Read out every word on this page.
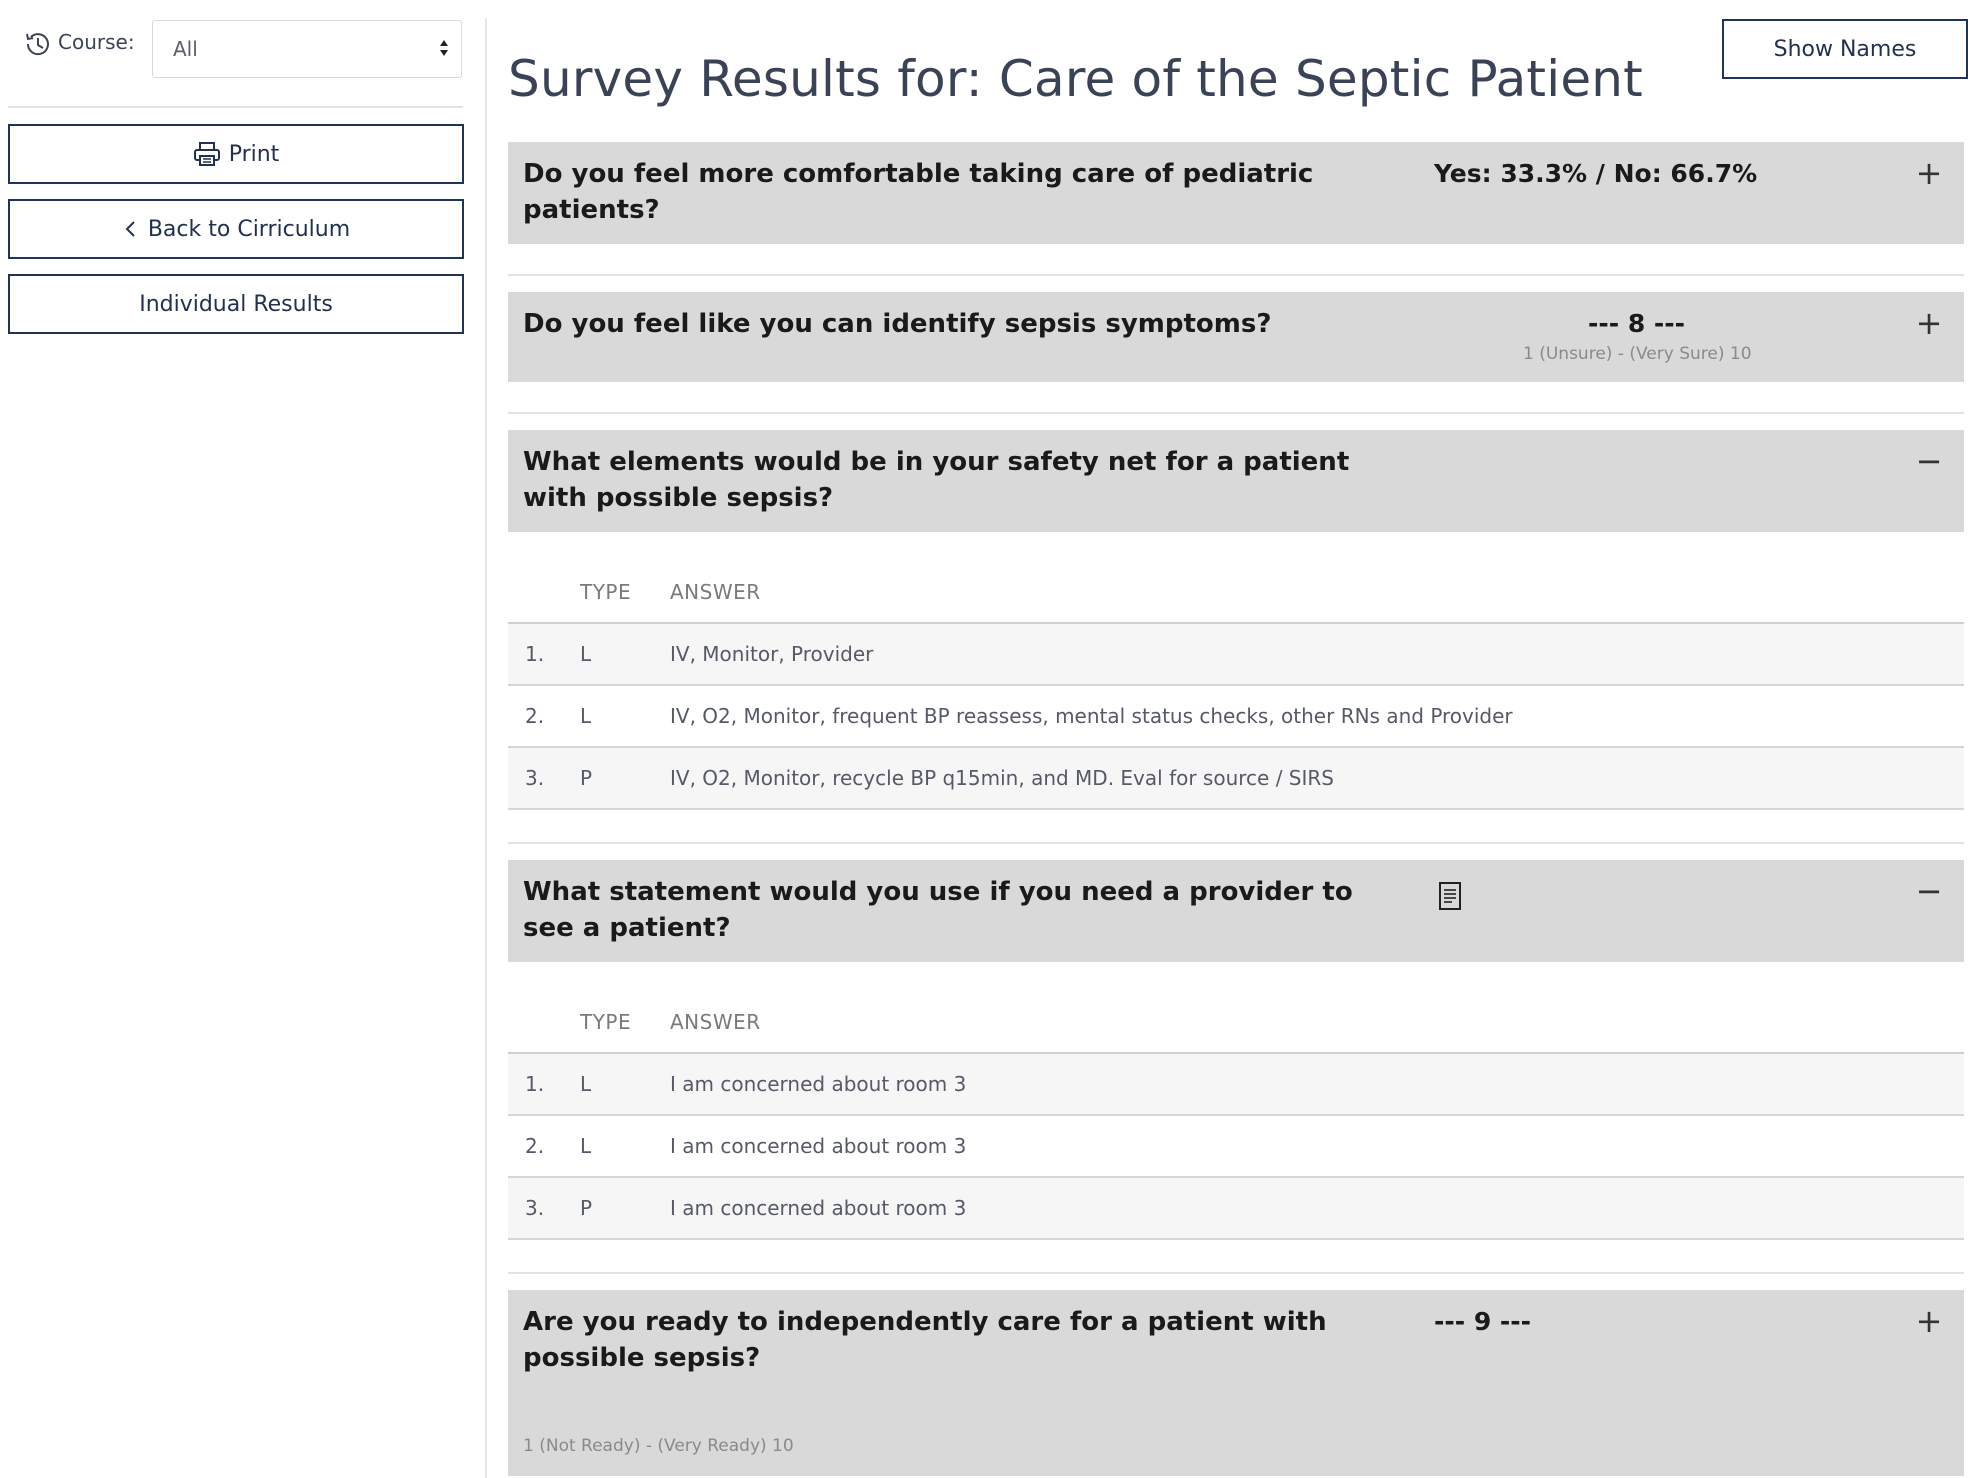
Course: All
Print
Back to Cirriculum
Individual Results
Survey Results for: Care of the Septic Patient
Show Names
Do you feel more comfortable taking care of pediatric patients?
Yes: 33.3% / No: 66.7%	+
Do you feel like you can identify sepsis symptoms?	--- 8 ---
1 (Unsure) - (Very Sure) 10
+
What elements would be in your safety net for a patient with possible sepsis?
−
TYPE ANSWER
1. L	IV, Monitor, Provider
2. L	IV, O2, Monitor, frequent BP reassess, mental status checks, other RNs and Provider
3. P	IV, O2, Monitor, recycle BP q15min, and MD. Eval for source / SIRS
What statement would you use if you need a provider to see a patient?
−
TYPE ANSWER
1. L	I am concerned about room 3
2. L	I am concerned about room 3
3. P	I am concerned about room 3
Are you ready to independently care for a patient with possible sepsis?
--- 9 ---
1 (Not Ready) - (Very Ready) 10
+
